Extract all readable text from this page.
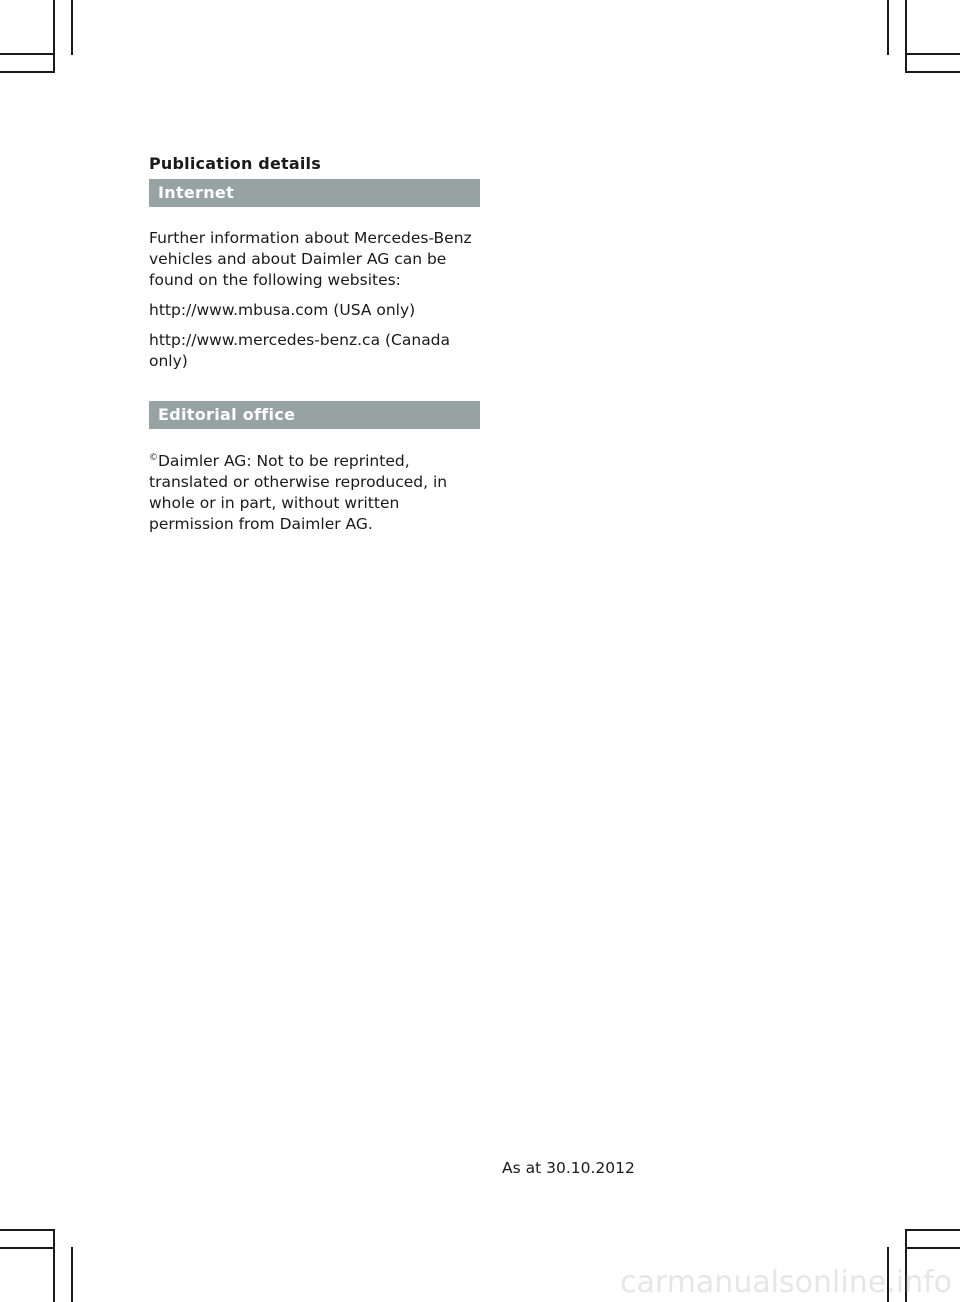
Publication details
Internet

Further information about Mercedes-Benz vehicles and about Daimler AG can be found on the following websites:

http://www.mbusa.com (USA only)

http://www.mercedes-benz.ca (Canada only)

Editorial office

©Daimler AG: Not to be reprinted, translated or otherwise reproduced, in whole or in part, without written permission from Daimler AG.

As at 30.10.2012
carmanualsonline.info
